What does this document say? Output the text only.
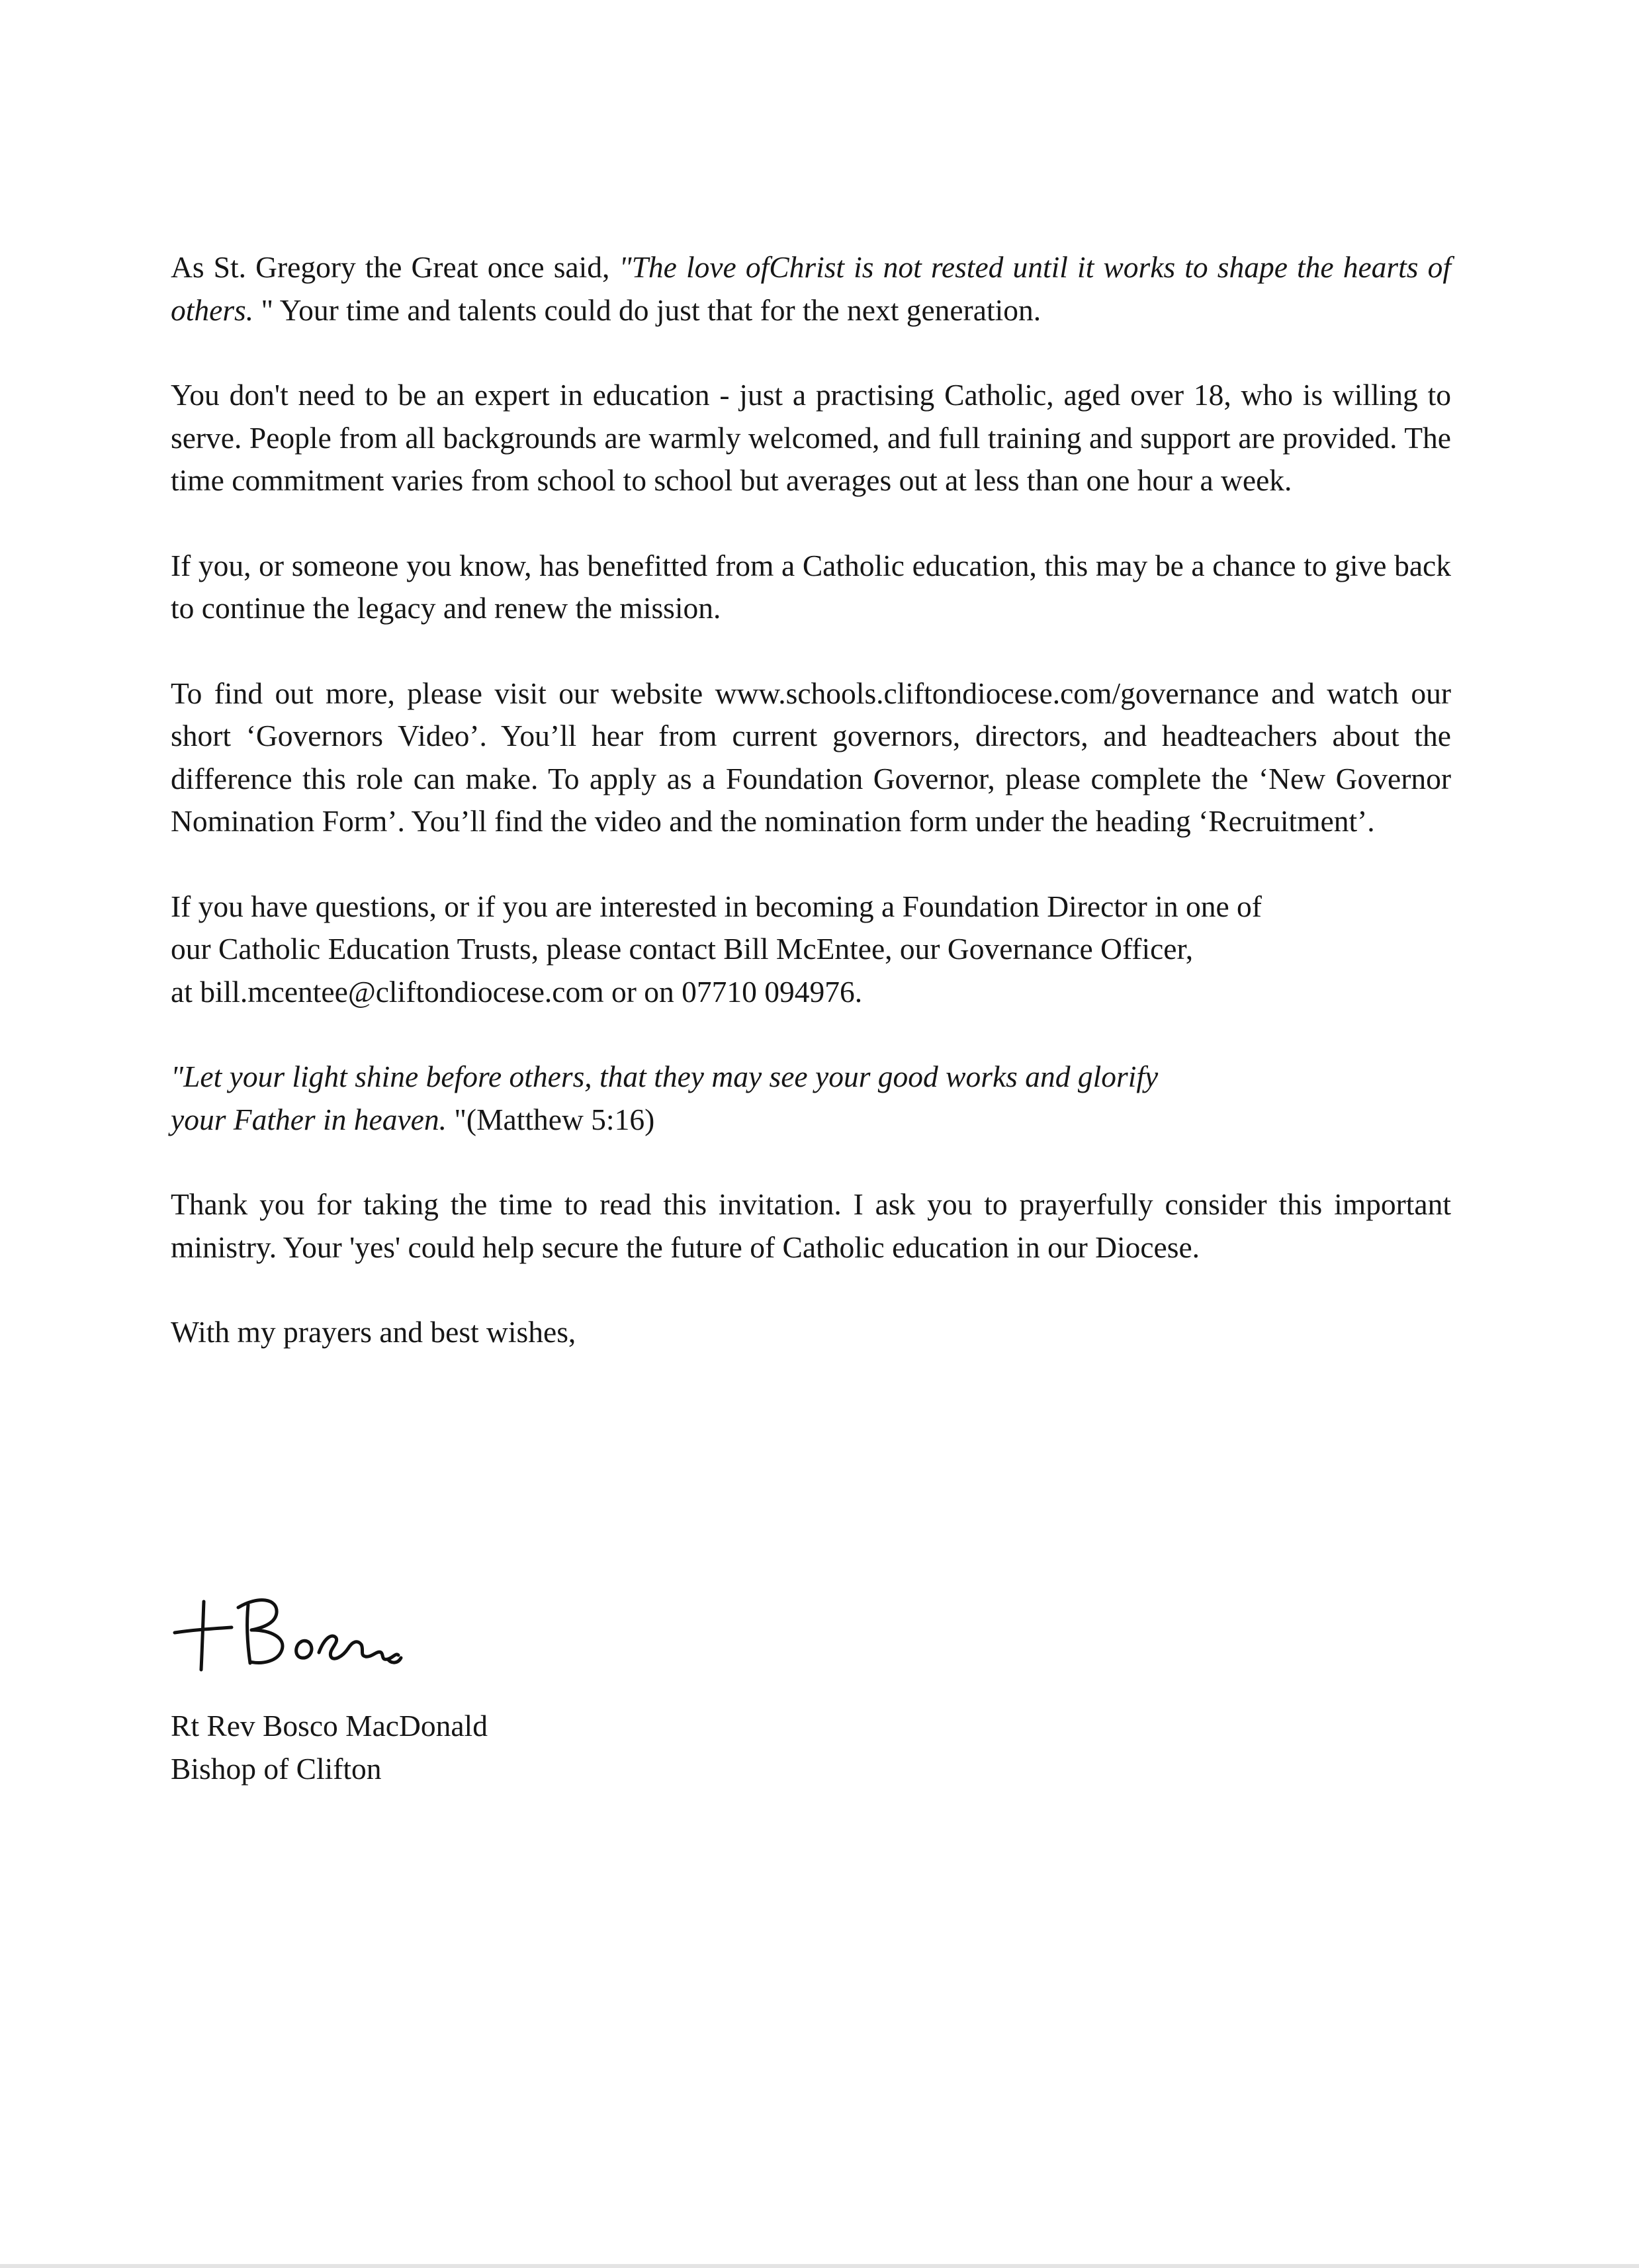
As St. Gregory the Great once said, "The love ofChrist is not rested until it works to shape the hearts of others. " Your time and talents could do just that for the next generation.

You don't need to be an expert in education - just a practising Catholic, aged over 18, who is willing to serve. People from all backgrounds are warmly welcomed, and full training and support are provided. The time commitment varies from school to school but averages out at less than one hour a week.

If you, or someone you know, has benefitted from a Catholic education, this may be a chance to give back to continue the legacy and renew the mission.

To find out more, please visit our website www.schools.cliftondiocese.com/governance and watch our short ‘Governors Video’. You’ll hear from current governors, directors, and headteachers about the difference this role can make. To apply as a Foundation Governor, please complete the ‘New Governor Nomination Form’. You’ll find the video and the nomination form under the heading ‘Recruitment’.

If you have questions, or if you are interested in becoming a Foundation Director in one of
our Catholic Education Trusts, please contact Bill McEntee, our Governance Officer,
at bill.mcentee@cliftondiocese.com or on 07710 094976.

"Let your light shine before others, that they may see your good works and glorify
your Father in heaven. "(Matthew 5:16)

Thank you for taking the time to read this invitation. I ask you to prayerfully consider this important ministry. Your 'yes' could help secure the future of Catholic education in our Diocese.

With my prayers and best wishes,

Rt Rev Bosco MacDonald
Bishop of Clifton
